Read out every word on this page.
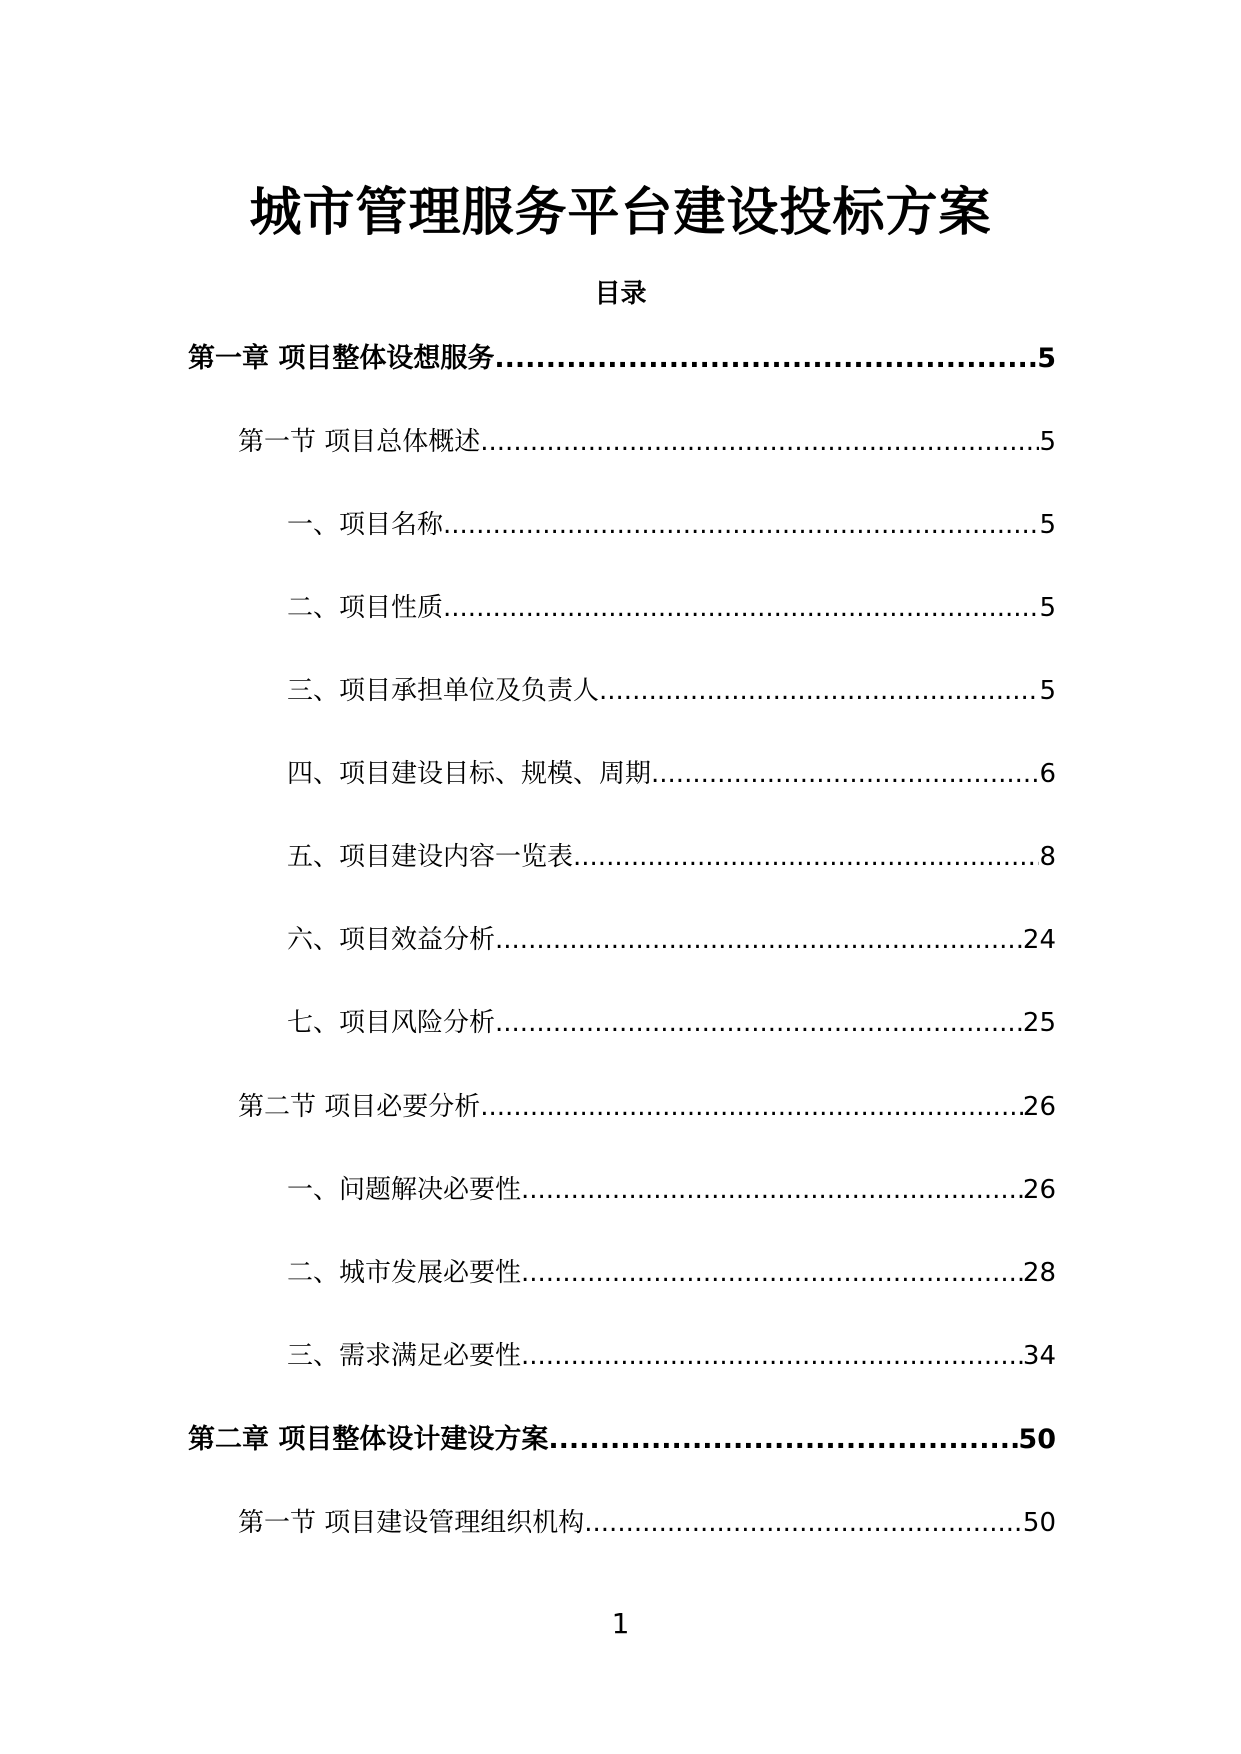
城市管理服务平台建设投标方案
目录
第一章 项目整体设想服务 .....	5
第一节 项目总体概述 .....	5
一、项目名称 .....	5
二、项目性质 .....	5
三、项目承担单位及负责人 .....	5
四、项目建设目标、规模、周期 .....	6
五、项目建设内容一览表 .....	8
六、项目效益分析 .....	24
七、项目风险分析 .....	25
第二节 项目必要分析 .....	26
一、问题解决必要性 .....	26
二、城市发展必要性 .....	28
三、需求满足必要性 .....	34
第二章 项目整体设计建设方案 .....	50
第一节 项目建设管理组织机构 .....	50
1
